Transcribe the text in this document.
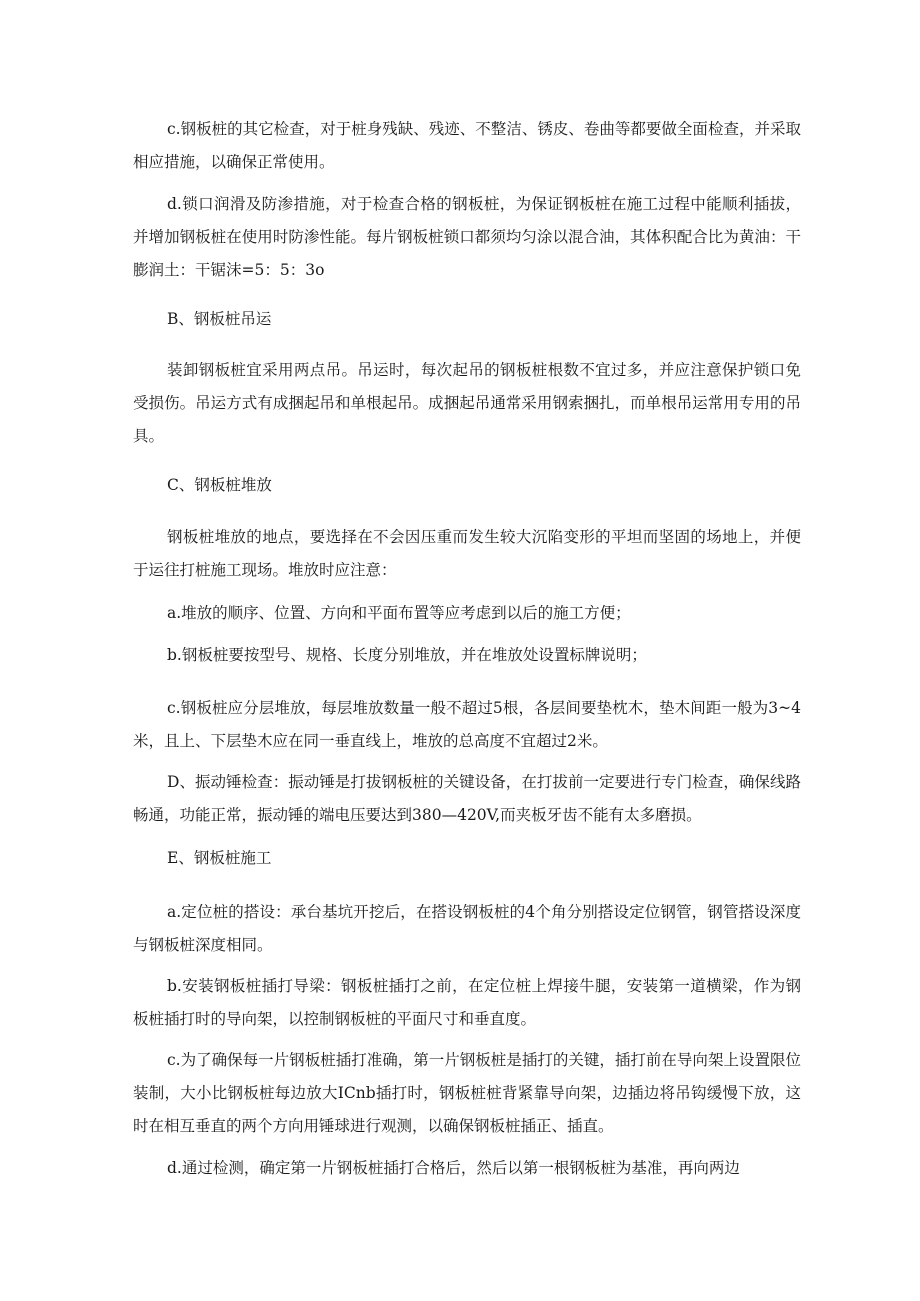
c.钢板桩的其它检查，对于桩身残缺、残迹、不整洁、锈皮、卷曲等都要做全面检查，并采取相应措施，以确保正常使用。

d.锁口润滑及防渗措施，对于检查合格的钢板桩，为保证钢板桩在施工过程中能顺利插拔，并增加钢板桩在使用时防渗性能。每片钢板桩锁口都须均匀涂以混合油，其体积配合比为黄油：干膨润土：干锯沫=5：5：3o

B、钢板桩吊运

装卸钢板桩宜采用两点吊。吊运时，每次起吊的钢板桩根数不宜过多，并应注意保护锁口免受损伤。吊运方式有成捆起吊和单根起吊。成捆起吊通常采用钢索捆扎，而单根吊运常用专用的吊具。

C、钢板桩堆放

钢板桩堆放的地点，要选择在不会因压重而发生较大沉陷变形的平坦而坚固的场地上，并便于运往打桩施工现场。堆放时应注意：

a.堆放的顺序、位置、方向和平面布置等应考虑到以后的施工方便；

b.钢板桩要按型号、规格、长度分别堆放，并在堆放处设置标牌说明；

c.钢板桩应分层堆放，每层堆放数量一般不超过5根，各层间要垫枕木，垫木间距一般为3~4米，且上、下层垫木应在同一垂直线上，堆放的总高度不宜超过2米。

D、振动锤检查：振动锤是打拔钢板桩的关键设备，在打拔前一定要进行专门检查，确保线路畅通，功能正常，振动锤的端电压要达到380—420V,而夹板牙齿不能有太多磨损。

E、钢板桩施工

a.定位桩的搭设：承台基坑开挖后，在搭设钢板桩的4个角分别搭设定位钢管，钢管搭设深度与钢板桩深度相同。

b.安装钢板桩插打导梁：钢板桩插打之前，在定位桩上焊接牛腿，安装第一道横梁，作为钢板桩插打时的导向架，以控制钢板桩的平面尺寸和垂直度。

c.为了确保每一片钢板桩插打准确，第一片钢板桩是插打的关键，插打前在导向架上设置限位装制，大小比钢板桩每边放大ICnb插打时，钢板桩桩背紧靠导向架，边插边将吊钩缓慢下放，这时在相互垂直的两个方向用锤球进行观测，以确保钢板桩插正、插直。

d.通过检测，确定第一片钢板桩插打合格后，然后以第一根钢板桩为基准，再向两边
